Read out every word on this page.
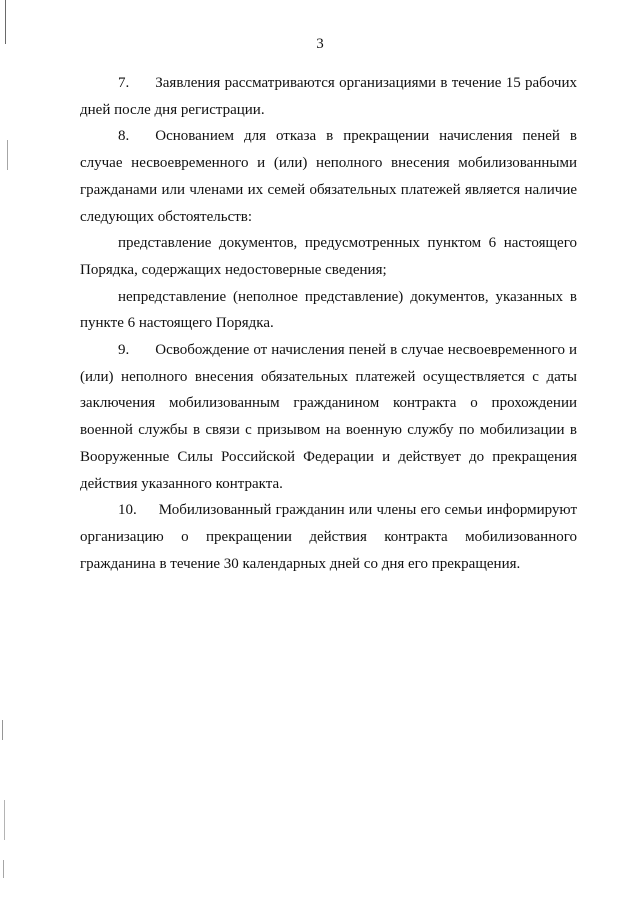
3

7. Заявления рассматриваются организациями в течение 15 рабочих дней после дня регистрации.

8. Основанием для отказа в прекращении начисления пеней в случае несвоевременного и (или) неполного внесения мобилизованными гражданами или членами их семей обязательных платежей является наличие следующих обстоятельств:

представление документов, предусмотренных пунктом 6 настоящего Порядка, содержащих недостоверные сведения;

непредставление (неполное представление) документов, указанных в пункте 6 настоящего Порядка.

9. Освобождение от начисления пеней в случае несвоевременного и (или) неполного внесения обязательных платежей осуществляется с даты заключения мобилизованным гражданином контракта о прохождении военной службы в связи с призывом на военную службу по мобилизации в Вооруженные Силы Российской Федерации и действует до прекращения действия указанного контракта.

10. Мобилизованный гражданин или члены его семьи информируют организацию о прекращении действия контракта мобилизованного гражданина в течение 30 календарных дней со дня его прекращения.
